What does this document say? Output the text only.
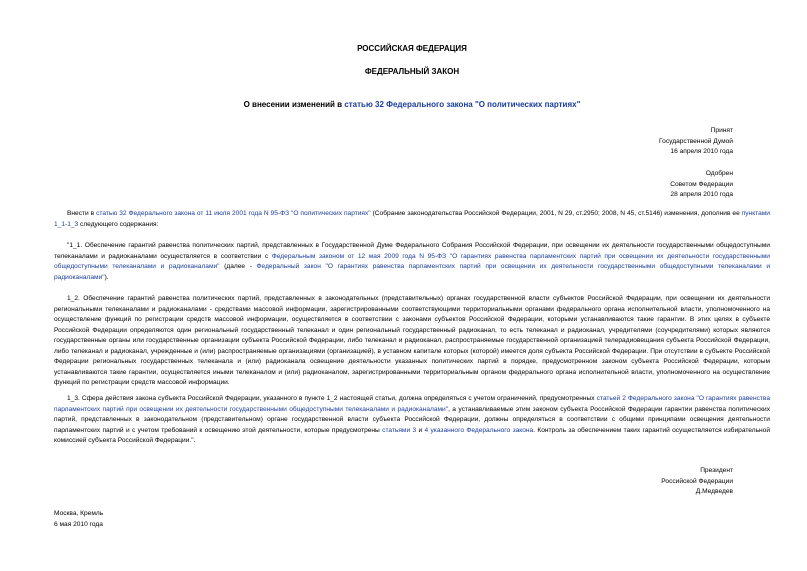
РОССИЙСКАЯ ФЕДЕРАЦИЯ
ФЕДЕРАЛЬНЫЙ ЗАКОН
О внесении изменений в статью 32 Федерального закона "О политических партиях"
Принят
Государственной Думой
16 апреля 2010 года
Одобрен
Советом Федерации
28 апреля 2010 года
Внести в статью 32 Федерального закона от 11 июля 2001 года N 95-ФЗ "О политических партиях" (Собрание законодательства Российской Федерации, 2001, N 29, ст.2950; 2008, N 45, ст.5146) изменения, дополнив ее пунктами 1_1-1_3 следующего содержания:
"1_1. Обеспечение гарантий равенства политических партий, представленных в Государственной Думе Федерального Собрания Российской Федерации, при освещении их деятельности государственными общедоступными телеканалами и радиоканалами осуществляется в соответствии с Федеральным законом от 12 мая 2009 года N 95-ФЗ "О гарантиях равенства парламентских партий при освещении их деятельности государственными общедоступными телеканалами и радиоканалами" (далее - Федеральный закон "О гарантиях равенства парламентских партий при освещении их деятельности государственными общедоступными телеканалами и радиоканалами").
1_2. Обеспечение гарантий равенства политических партий, представленных в законодательных (представительных) органах государственной власти субъектов Российской Федерации, при освещении их деятельности региональными телеканалами и радиоканалами - средствами массовой информации, зарегистрированными соответствующими территориальными органами федерального органа исполнительной власти, уполномоченного на осуществление функций по регистрации средств массовой информации, осуществляется в соответствии с законами субъектов Российской Федерации, которыми устанавливаются такие гарантии. В этих целях в субъекте Российской Федерации определяются один региональный государственный телеканал и один региональный государственный радиоканал, то есть телеканал и радиоканал, учредителями (соучредителями) которых являются государственные органы или государственные организации субъекта Российской Федерации, либо телеканал и радиоканал, распространяемые государственной организацией телерадиовещания субъекта Российской Федерации, либо телеканал и радиоканал, учрежденные и (или) распространяемые организациями (организацией), в уставном капитале которых (которой) имеется доля субъекта Российской Федерации. При отсутствии в субъекте Российской Федерации региональных государственных телеканала и (или) радиоканала освещение деятельности указанных политических партий в порядке, предусмотренном законом субъекта Российской Федерации, которым устанавливаются такие гарантии, осуществляется иными телеканалом и (или) радиоканалом, зарегистрированными территориальным органом федерального органа исполнительной власти, уполномоченного на осуществление функций по регистрации средств массовой информации.
1_3. Сфера действия закона субъекта Российской Федерации, указанного в пункте 1_2 настоящей статьи, должна определяться с учетом ограничений, предусмотренных статьей 2 Федерального закона "О гарантиях равенства парламентских партий при освещении их деятельности государственными общедоступными телеканалами и радиоканалами", а устанавливаемые этим законом субъекта Российской Федерации гарантии равенства политических партий, представленных в законодательном (представительном) органе государственной власти субъекта Российской Федерации, должны определяться в соответствии с общими принципами освещения деятельности парламентских партий и с учетом требований к освещению этой деятельности, которые предусмотрены статьями 3 и 4 указанного Федерального закона. Контроль за обеспечением таких гарантий осуществляется избирательной комиссией субъекта Российской Федерации.".
Президент
Российской Федерации
Д.Медведев
Москва, Кремль
6 мая 2010 года
